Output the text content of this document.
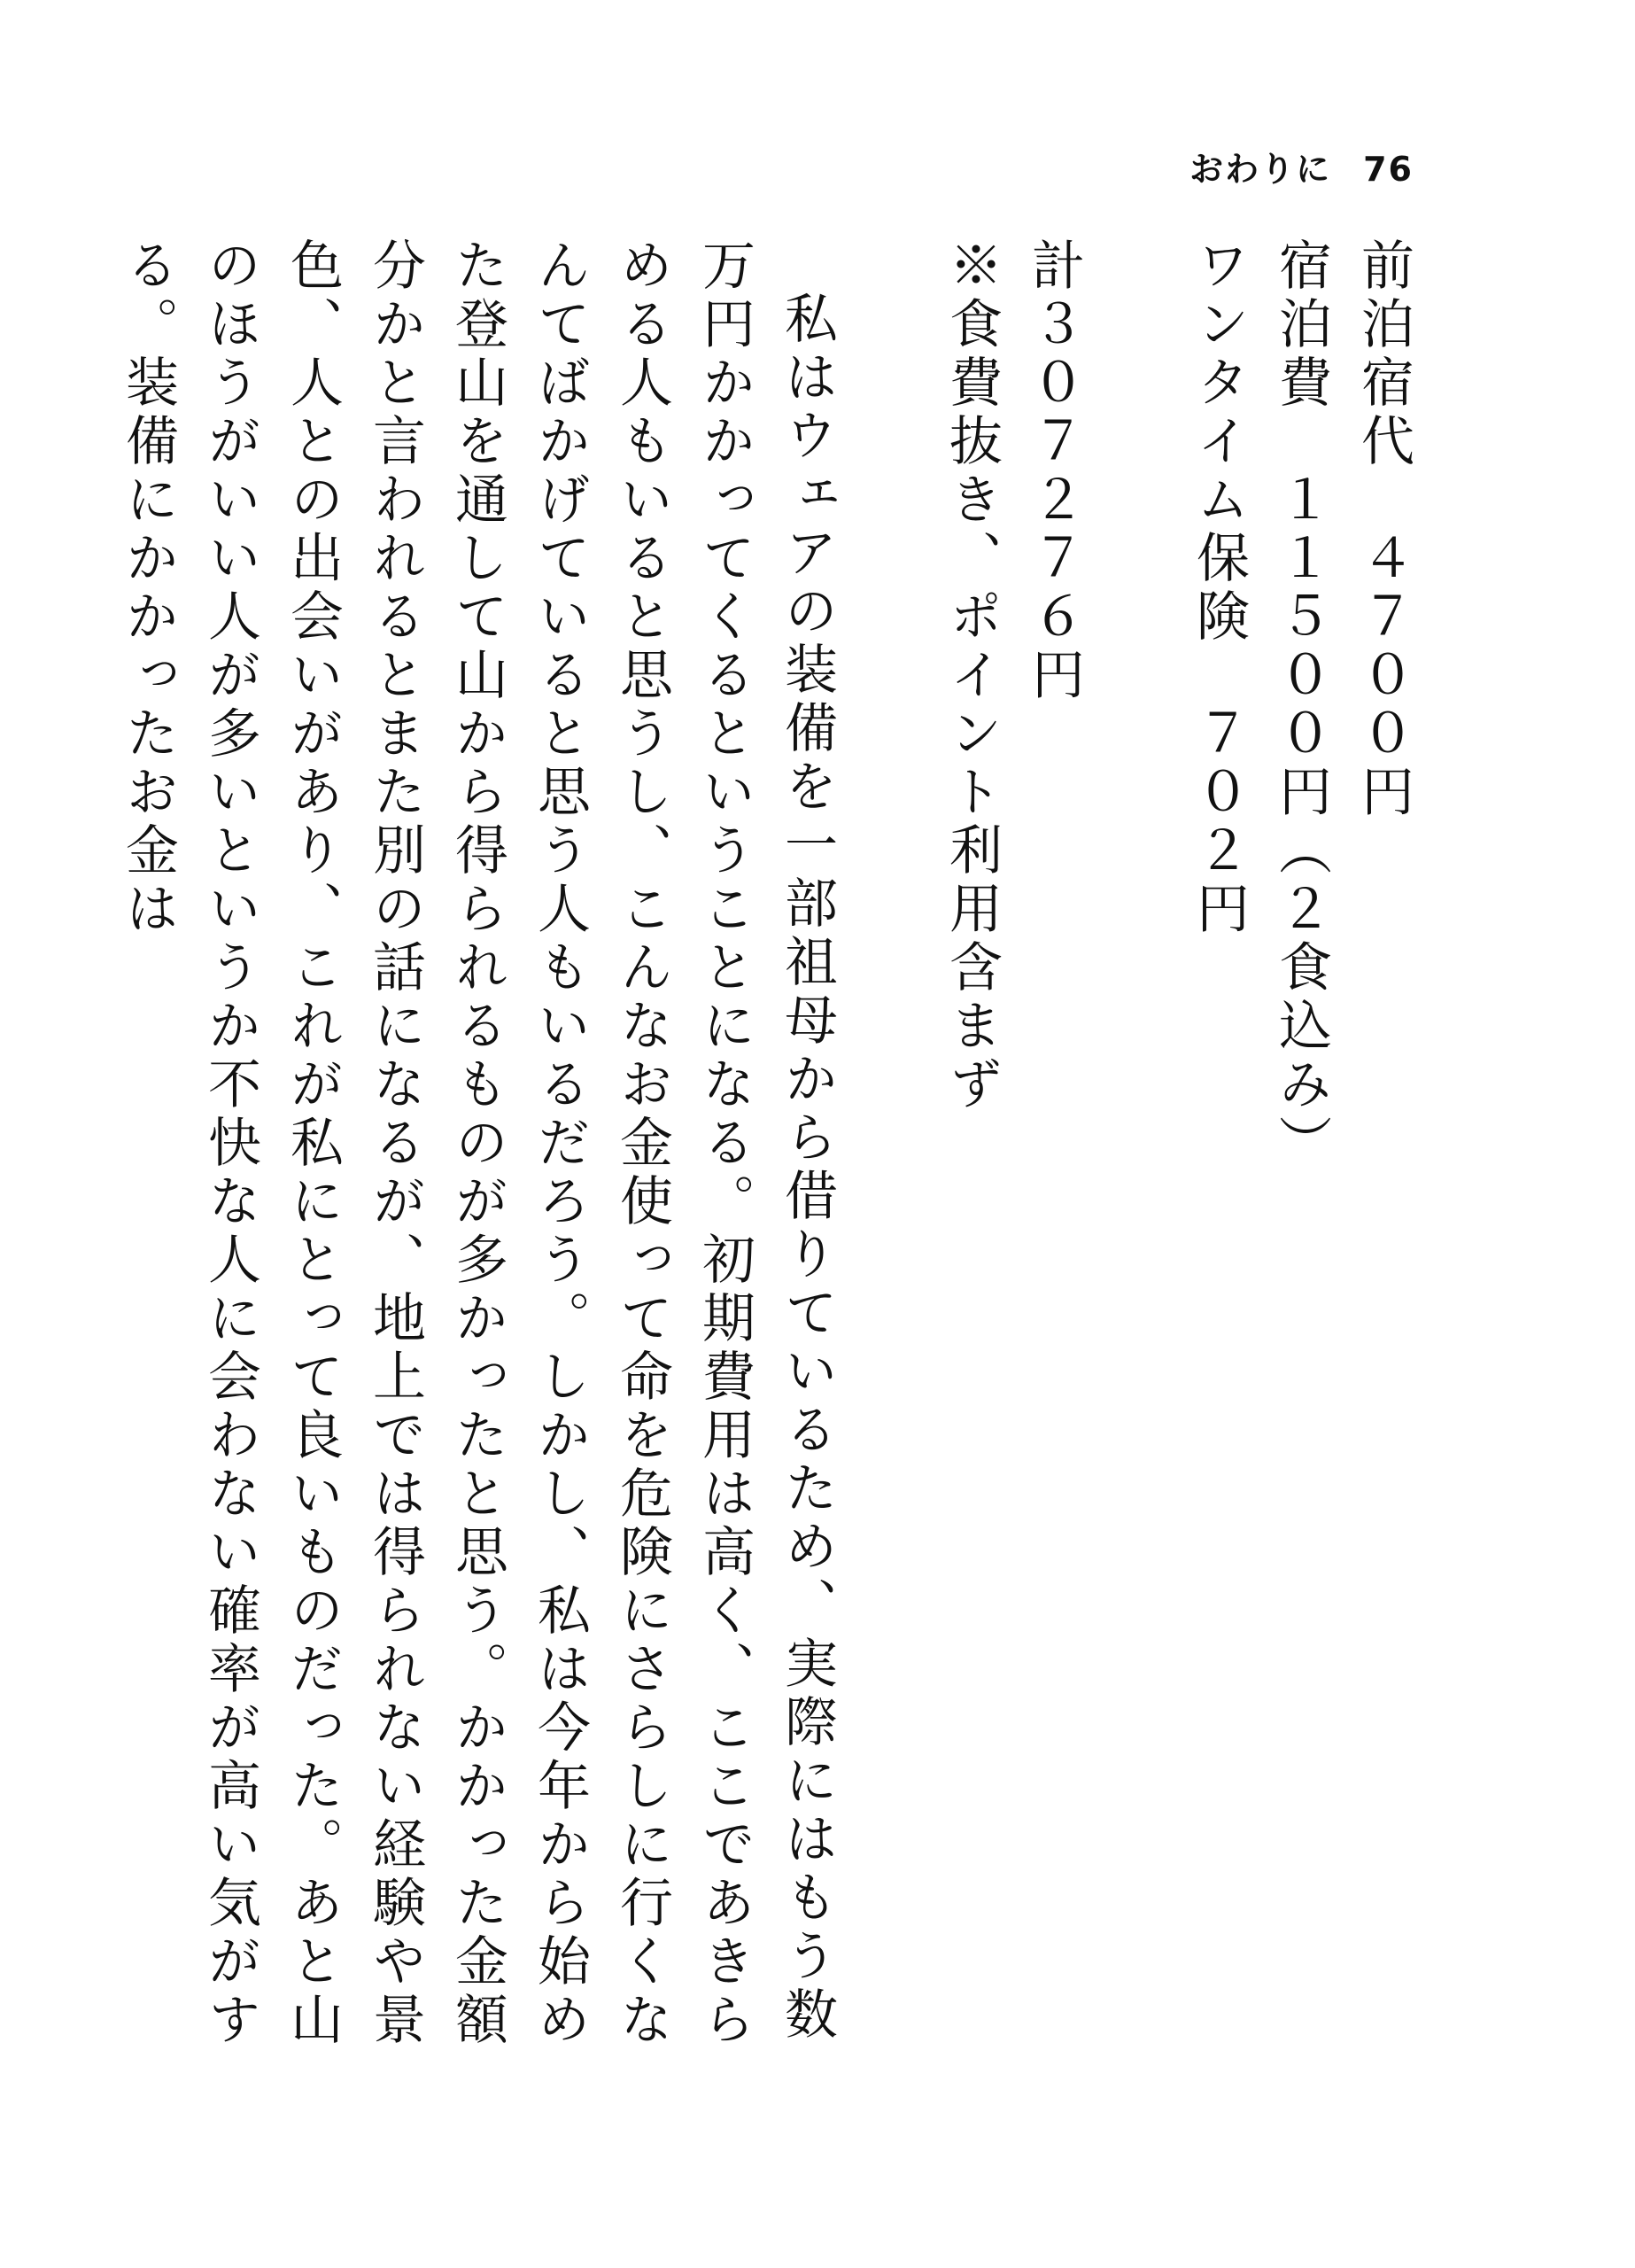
おわりに 76
前泊宿代　４７００円
宿泊費　１１５００円（２食込み）
ワンタイム保険　７０２円
計３０７２７６円
※食費抜き、ポイント利用含まず

私はウェアの装備を一部祖母から借りているため、実際にはもう数万円かかってくるということになる。初期費用は高く、ここであきらめる人もいると思うし、こんなお金使って命を危険にさらしに行くなんてばかげていると思う人もいるだろう。しかし、私は今年から始めた登山を通して山から得られるものが多かったと思う。かかった金額分かと言われるとまた別の話になるが、地上では得られない経験や景色、人との出会いがあり、これが私にとって良いものだった。あと山のほうがいい人が多いというか不快な人に会わない確率が高い気がする。装備にかかったお金は
